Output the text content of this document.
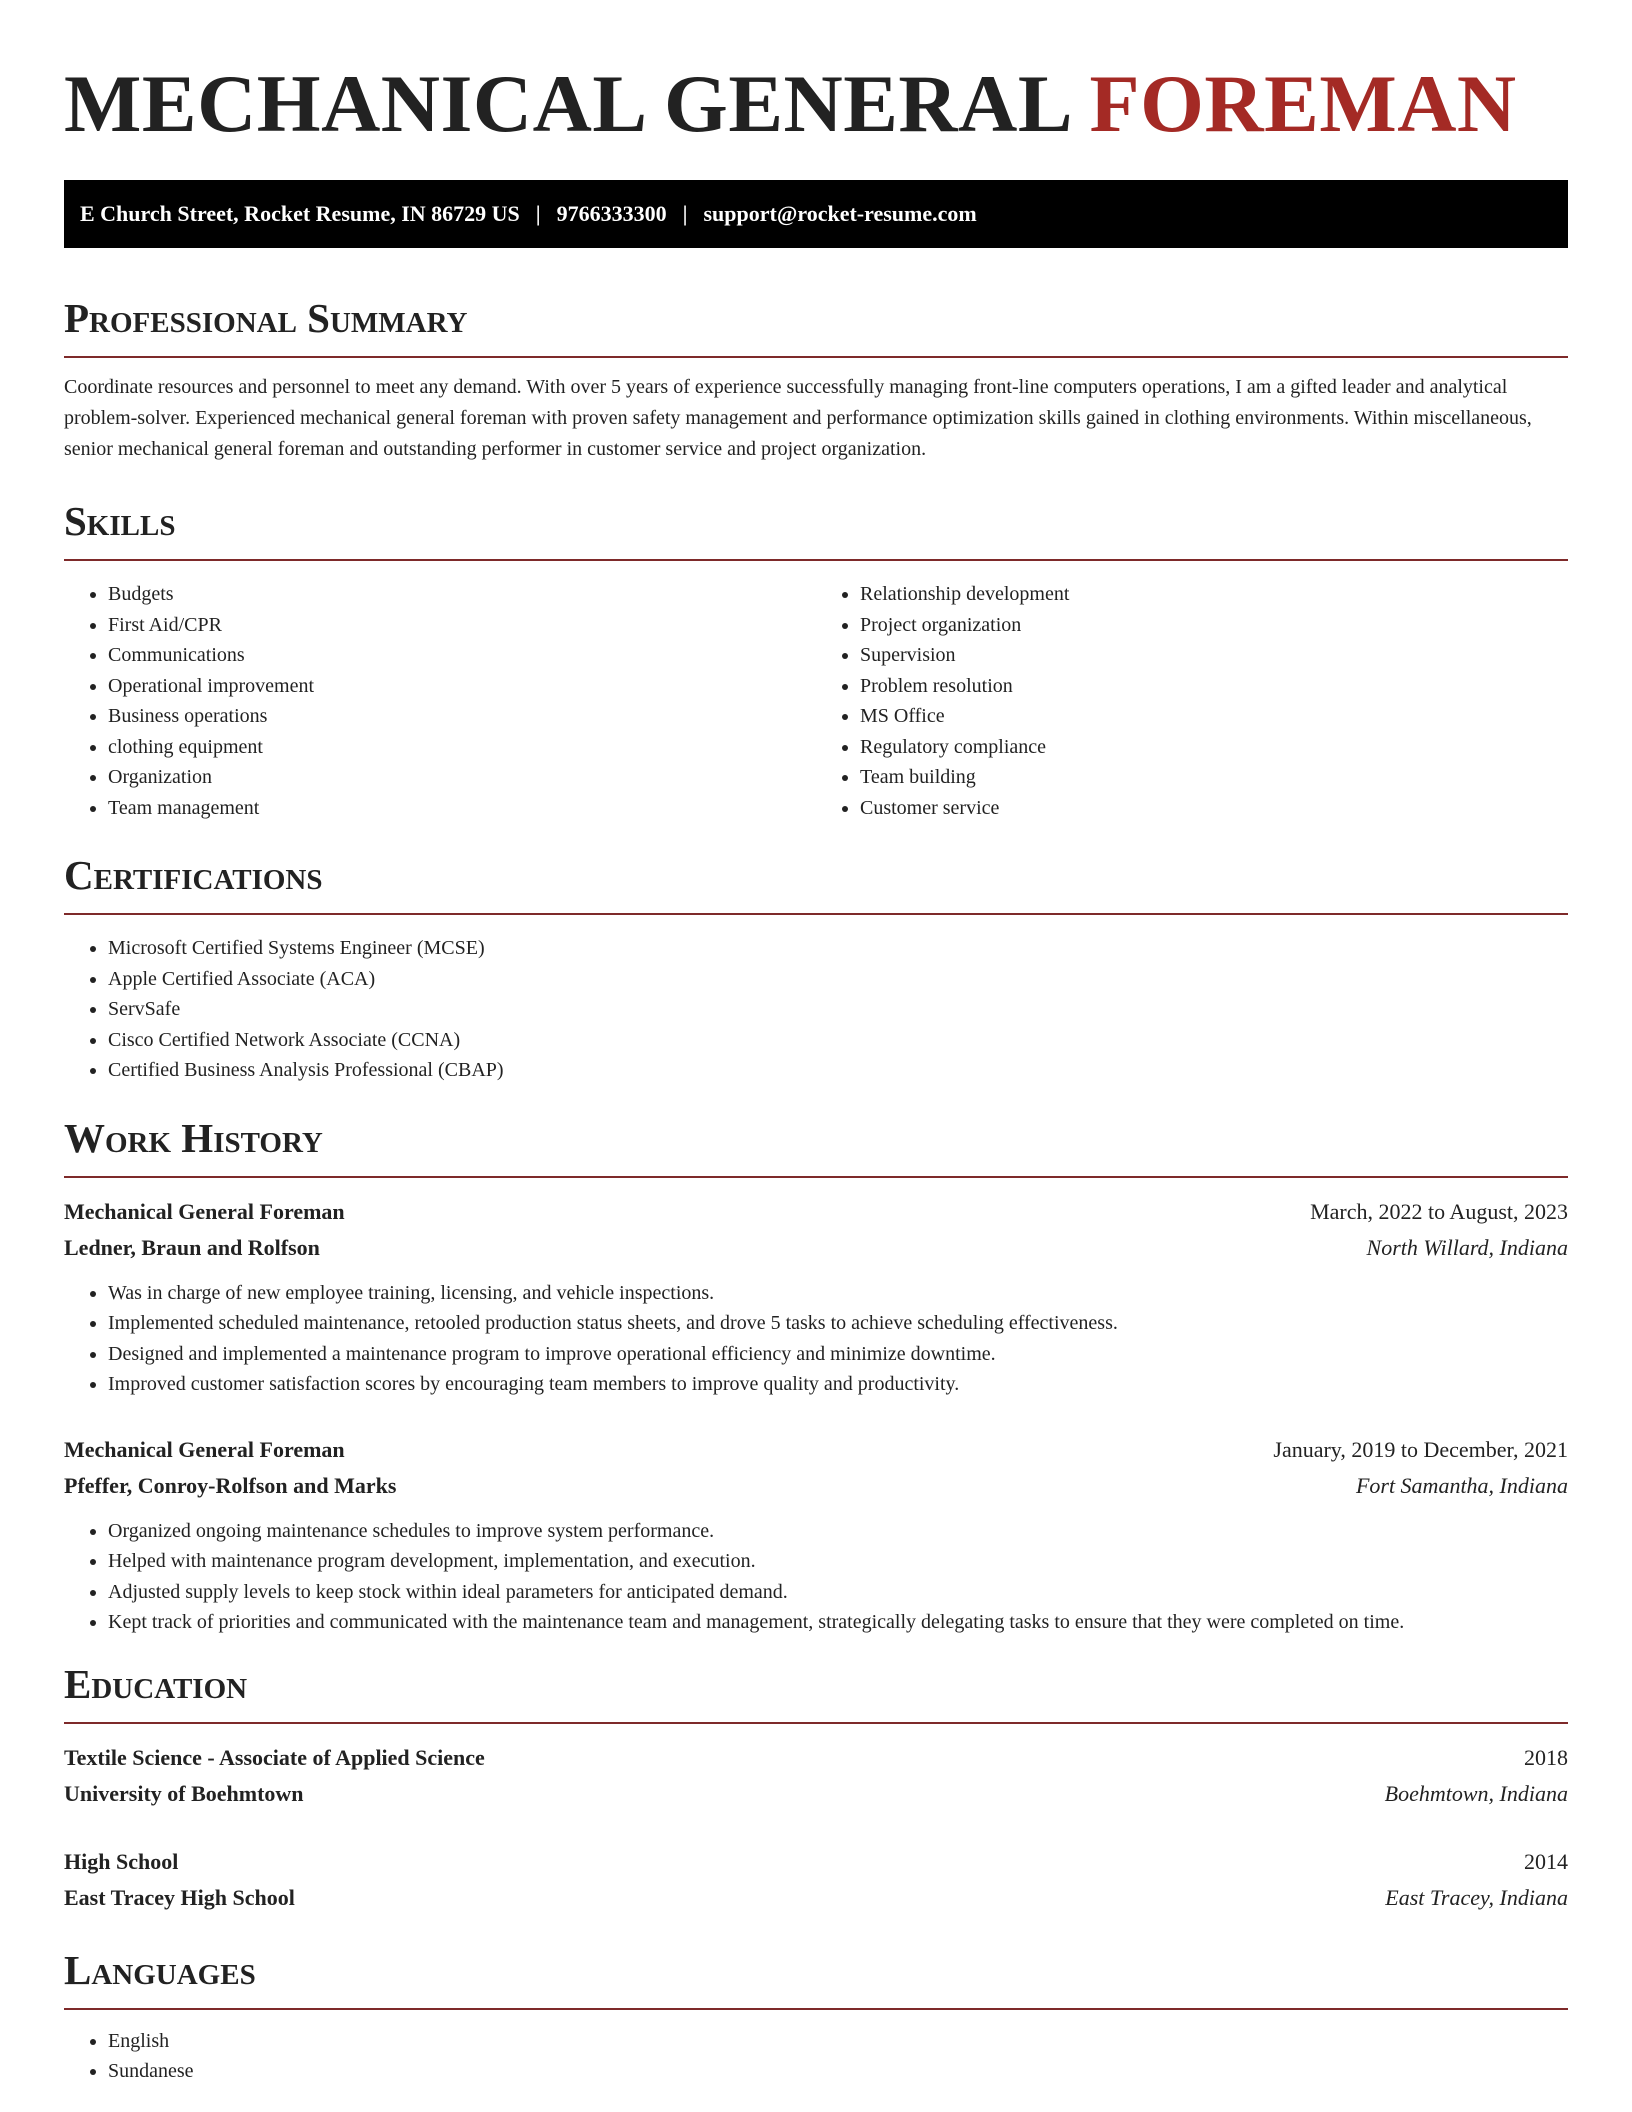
MECHANICAL GENERAL FOREMAN
E Church Street, Rocket Resume, IN 86729 US | 9766333300 | support@rocket-resume.com
Professional Summary

Coordinate resources and personnel to meet any demand. With over 5 years of experience successfully managing front-line computers operations, I am a gifted leader and analytical problem-solver. Experienced mechanical general foreman with proven safety management and performance optimization skills gained in clothing environments. Within miscellaneous, senior mechanical general foreman and outstanding performer in customer service and project organization.

Skills
• Budgets
• First Aid/CPR
• Communications
• Operational improvement
• Business operations
• clothing equipment
• Organization
• Team management
• Relationship development
• Project organization
• Supervision
• Problem resolution
• MS Office
• Regulatory compliance
• Team building
• Customer service
Certifications
• Microsoft Certified Systems Engineer (MCSE)
• Apple Certified Associate (ACA)
• ServSafe
• Cisco Certified Network Associate (CCNA)
• Certified Business Analysis Professional (CBAP)
Work History
Mechanical General Foreman	March, 2022 to August, 2023
Ledner, Braun and Rolfson	North Willard, Indiana
• Was in charge of new employee training, licensing, and vehicle inspections.
• Implemented scheduled maintenance, retooled production status sheets, and drove 5 tasks to achieve scheduling effectiveness.
• Designed and implemented a maintenance program to improve operational efficiency and minimize downtime.
• Improved customer satisfaction scores by encouraging team members to improve quality and productivity.
Mechanical General Foreman	January, 2019 to December, 2021
Pfeffer, Conroy-Rolfson and Marks	Fort Samantha, Indiana
• Organized ongoing maintenance schedules to improve system performance.
• Helped with maintenance program development, implementation, and execution.
• Adjusted supply levels to keep stock within ideal parameters for anticipated demand.
• Kept track of priorities and communicated with the maintenance team and management, strategically delegating tasks to ensure that they were completed on time.
Education
Textile Science - Associate of Applied Science	2018
University of Boehmtown	Boehmtown, Indiana
High School	2014
East Tracey High School	East Tracey, Indiana
Languages
• English
• Sundanese
